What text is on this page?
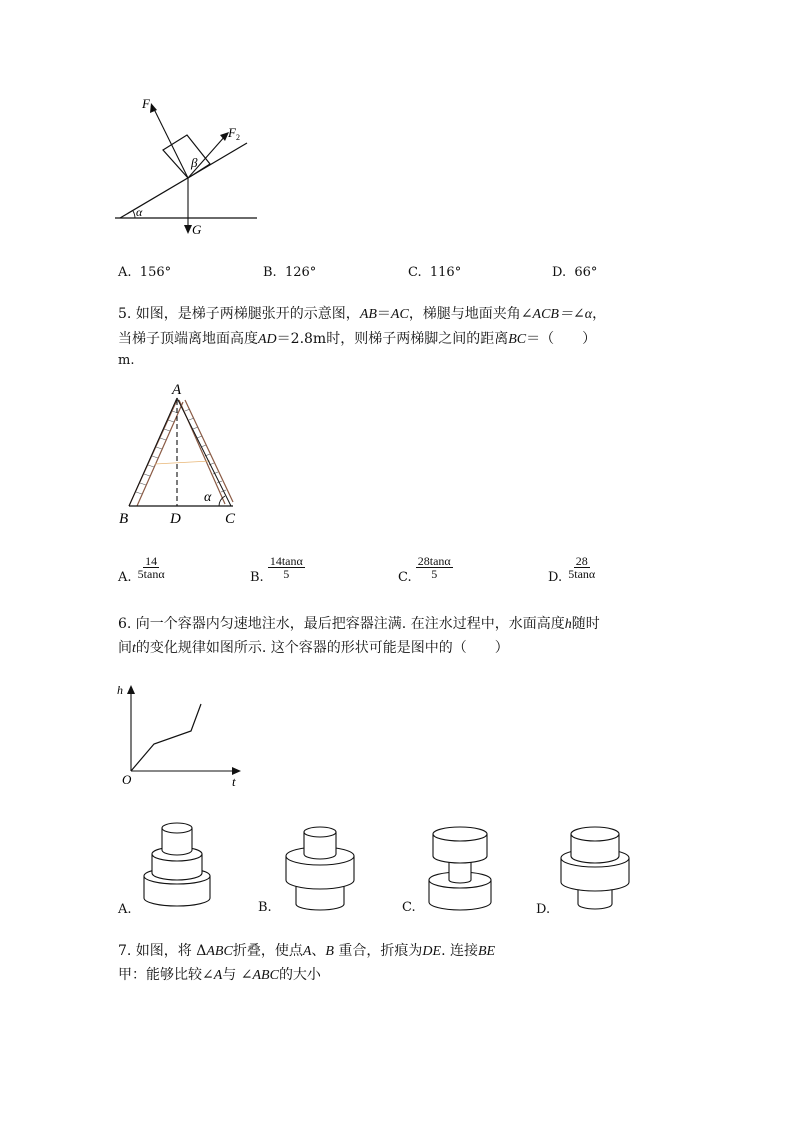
$F_1$
$F_2$
β
α
G
A. 156°	B. 126°	C. 116°	D. 66°
5. 如图，是梯子两梯腿张开的示意图，AB＝AC，梯腿与地面夹角∠ACB＝∠α，
当梯子顶端离地面高度AD＝2.8m时，则梯子两梯脚之间的距离BC＝（　　）
m.
A
B	D	C
α
A. $\frac{14}{5\tan\alpha}$	B. $\frac{14\tan\alpha}{5}$	C. $\frac{28\tan\alpha}{5}$	D. $\frac{28}{5\tan\alpha}$
6. 向一个容器内匀速地注水，最后把容器注满. 在注水过程中，水面高度h随时
间t的变化规律如图所示. 这个容器的形状可能是图中的（　　）
h
t
O
A.	B.	C.	D.
7. 如图，将 ΔABC折叠，使点A、B 重合，折痕为DE. 连接BE
甲：能够比较∠A与 ∠ABC的大小
